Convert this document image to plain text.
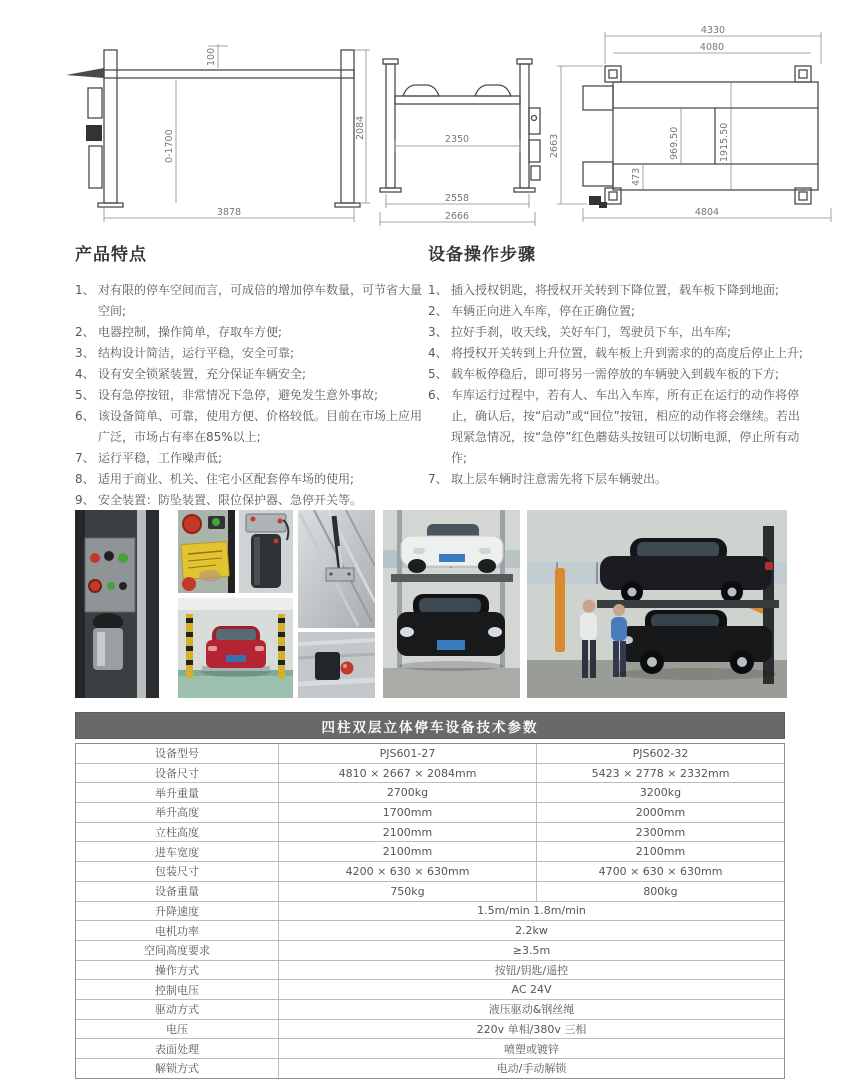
100
0-1700
2084
3878
2350
2558
2666
4330
4080
2663	969.50	1915.50
473
4804
产品特点
1、 对有限的停车空间而言，可成倍的增加停车数量，可节省大量空间;
2、 电器控制，操作简单，存取车方便;
3、 结构设计简洁，运行平稳，安全可靠;
4、 设有安全锁紧装置，充分保证车辆安全;
5、 设有急停按钮，非常情况下急停，避免发生意外事故;
6、 该设备简单、可靠，使用方便、价格较低。目前在市场上应用广泛，市场占有率在85%以上;
7、 运行平稳，工作噪声低;
8、 适用于商业、机关、住宅小区配套停车场的使用;
9、 安全装置：防坠装置、限位保护器、急停开关等。
设备操作步骤
1、 插入授权钥匙，将授权开关转到下降位置，载车板下降到地面;
2、 车辆正向进入车库，停在正确位置;
3、 拉好手刹，收天线，关好车门，驾驶员下车，出车库;
4、 将授权开关转到上升位置，载车板上升到需求的的高度后停止上升;
5、 载车板停稳后，即可将另一需停放的车辆驶入到载车板的下方;
6、 车库运行过程中，若有人、车出入车库，所有正在运行的动作将停止，确认后，按“启动”或“回位”按钮，相应的动作将会继续。若出现紧急情况，按“急停”红色蘑菇头按钮可以切断电源，停止所有动作;
7、 取上层车辆时注意需先将下层车辆驶出。
四柱双层立体停车设备技术参数
设备型号	PJS601-27	PJS602-32
设备尺寸	4810 × 2667 × 2084mm	5423 × 2778 × 2332mm
举升重量	2700kg	3200kg
举升高度	1700mm	2000mm
立柱高度	2100mm	2300mm
进车宽度	2100mm	2100mm
包装尺寸	4200 × 630 × 630mm	4700 × 630 × 630mm
设备重量	750kg	800kg
升降速度	1.5m/min 1.8m/min
电机功率	2.2kw
空间高度要求	≥3.5m
操作方式	按钮/钥匙/遥控
控制电压	AC 24V
驱动方式	液压驱动&钢丝绳
电压	220v 单相/380v 三相
表面处理	喷塑或镀锌
解锁方式	电动/手动解锁
